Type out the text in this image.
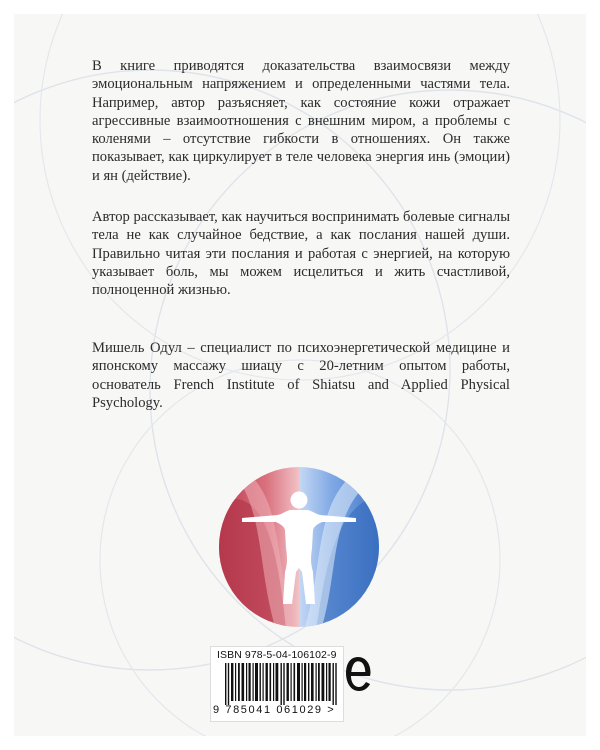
В книге приводятся доказательства взаимосвязи между эмоциональным напряжением и определенными частями тела. Например, автор разъясняет, как состояние кожи отражает агрессивные взаимоотношения с внешним миром, а проблемы с коленями – отсутствие гибкости в отношениях. Он также показывает, как циркулирует в теле человека энергия инь (эмоции) и ян (действие).

Автор рассказывает, как научиться воспринимать болевые сигналы тела не как случайное бедствие, а как послания нашей души. Правильно читая эти послания и работая с энергией, на которую указывает боль, мы можем исцелиться и жить счастливой, полноценной жизнью.

Мишель Одул – специалист по психоэнергетической медицине и японскому массажу шиацу с 20-летним опытом работы, основатель French Institute of Shiatsu and Applied Physical Psychology.

ISBN 978-5-04-106102-9
9 785041 061029 >
